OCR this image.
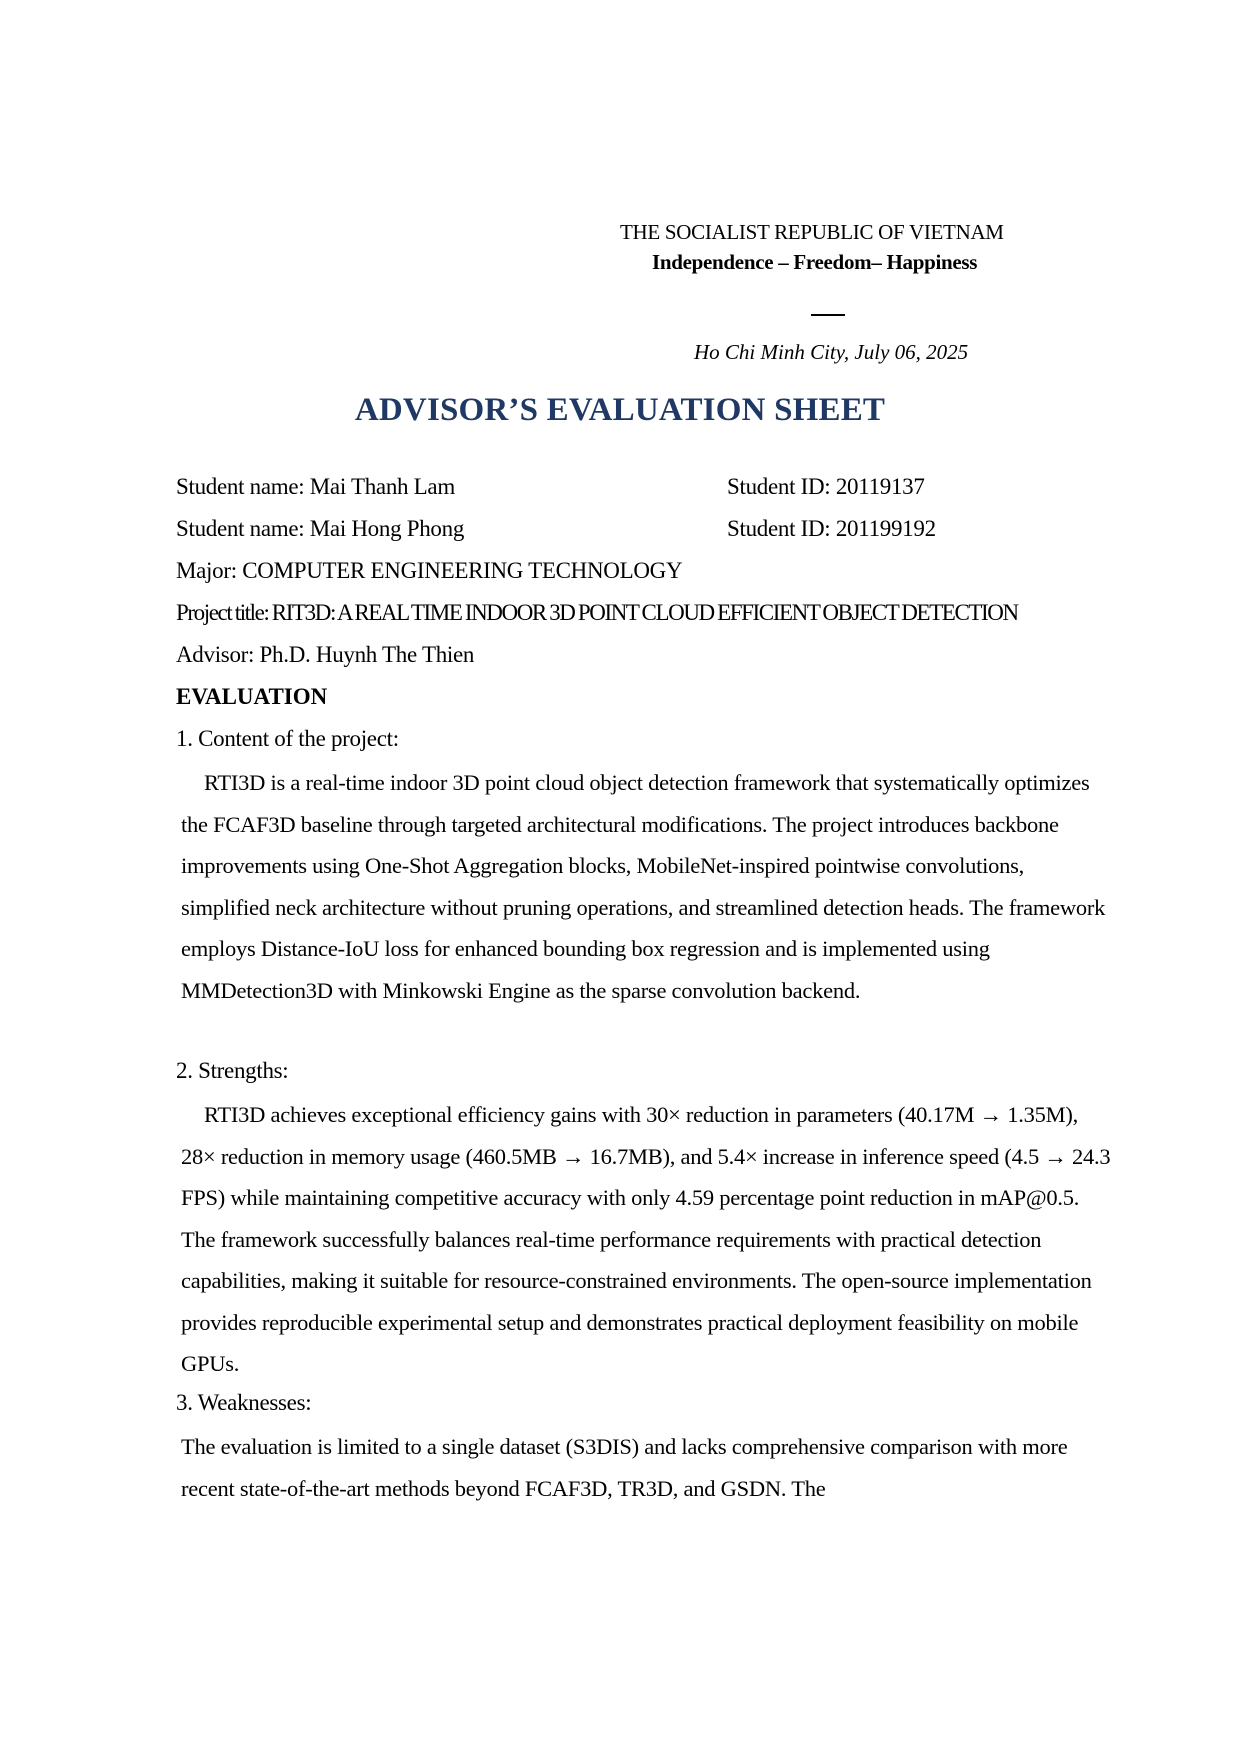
THE SOCIALIST REPUBLIC OF VIETNAM
Independence – Freedom– Happiness
Ho Chi Minh City, July 06, 2025
ADVISOR’S EVALUATION SHEET
Student name: Mai Thanh Lam	Student ID: 20119137
Student name: Mai Hong Phong	Student ID: 201199192
Major: COMPUTER ENGINEERING TECHNOLOGY
Project title: RIT3D: A REAL TIME INDOOR 3D POINT CLOUD EFFICIENT OBJECT DETECTION
Advisor: Ph.D. Huynh The Thien
EVALUATION
1. Content of the project:

RTI3D is a real-time indoor 3D point cloud object detection framework that systematically optimizes the FCAF3D baseline through targeted architectural modifications. The project introduces backbone improvements using One-Shot Aggregation blocks, MobileNet-inspired pointwise convolutions, simplified neck architecture without pruning operations, and streamlined detection heads. The framework employs Distance-IoU loss for enhanced bounding box regression and is implemented using MMDetection3D with Minkowski Engine as the sparse convolution backend.

2. Strengths:

RTI3D achieves exceptional efficiency gains with 30× reduction in parameters (40.17M → 1.35M), 28× reduction in memory usage (460.5MB → 16.7MB), and 5.4× increase in inference speed (4.5 → 24.3 FPS) while maintaining competitive accuracy with only 4.59 percentage point reduction in mAP@0.5. The framework successfully balances real-time performance requirements with practical detection capabilities, making it suitable for resource-constrained environments. The open-source implementation provides reproducible experimental setup and demonstrates practical deployment feasibility on mobile GPUs.

3. Weaknesses:
The evaluation is limited to a single dataset (S3DIS) and lacks comprehensive comparison with more recent state-of-the-art methods beyond FCAF3D, TR3D, and GSDN. The
